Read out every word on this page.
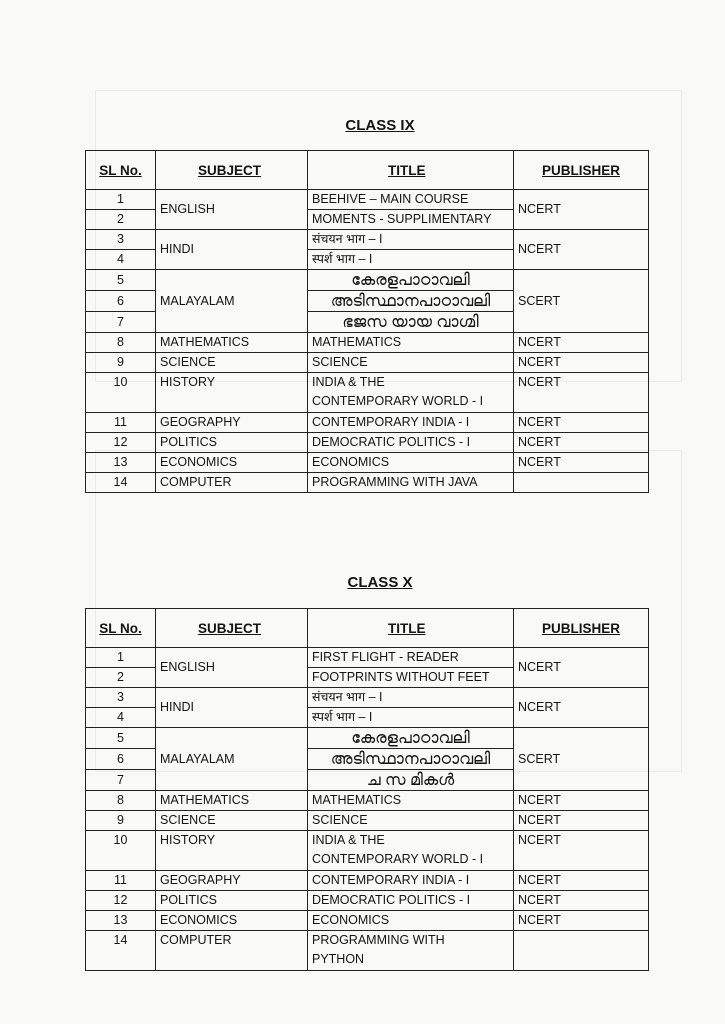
CLASS IX
SL No.	SUBJECT	TITLE	PUBLISHER
1	ENGLISH	BEEHIVE – MAIN COURSE	NCERT
2		MOMENTS - SUPPLIMENTARY	
3	HINDI	संचयन भाग – I	NCERT
4		स्पर्श भाग – I	
5	MALAYALAM	കേരളപാഠാവലി	SCERT
6		അടിസ്ഥാനപാഠാവലി	
7		ഭജസ യായ വാഗ്മി	
8	MATHEMATICS	MATHEMATICS	NCERT
9	SCIENCE	SCIENCE	NCERT
10	HISTORY	INDIA & THE
CONTEMPORARY WORLD - I	NCERT
11	GEOGRAPHY	CONTEMPORARY INDIA - I	NCERT
12	POLITICS	DEMOCRATIC POLITICS - I	NCERT
13	ECONOMICS	ECONOMICS	NCERT
14	COMPUTER	PROGRAMMING WITH JAVA	
CLASS X
SL No.	SUBJECT	TITLE	PUBLISHER
1	ENGLISH	FIRST FLIGHT - READER	NCERT
2		FOOTPRINTS WITHOUT FEET	
3	HINDI	संचयन भाग – I	NCERT
4		स्पर्श भाग – I	
5	MALAYALAM	കേരളപാഠാവലി	SCERT
6		അടിസ്ഥാനപാഠാവലി	
7		ച സ മികൾ	
8	MATHEMATICS	MATHEMATICS	NCERT
9	SCIENCE	SCIENCE	NCERT
10	HISTORY	INDIA & THE
CONTEMPORARY WORLD - I	NCERT
11	GEOGRAPHY	CONTEMPORARY INDIA - I	NCERT
12	POLITICS	DEMOCRATIC POLITICS - I	NCERT
13	ECONOMICS	ECONOMICS	NCERT
14	COMPUTER	PROGRAMMING WITH
PYTHON	
